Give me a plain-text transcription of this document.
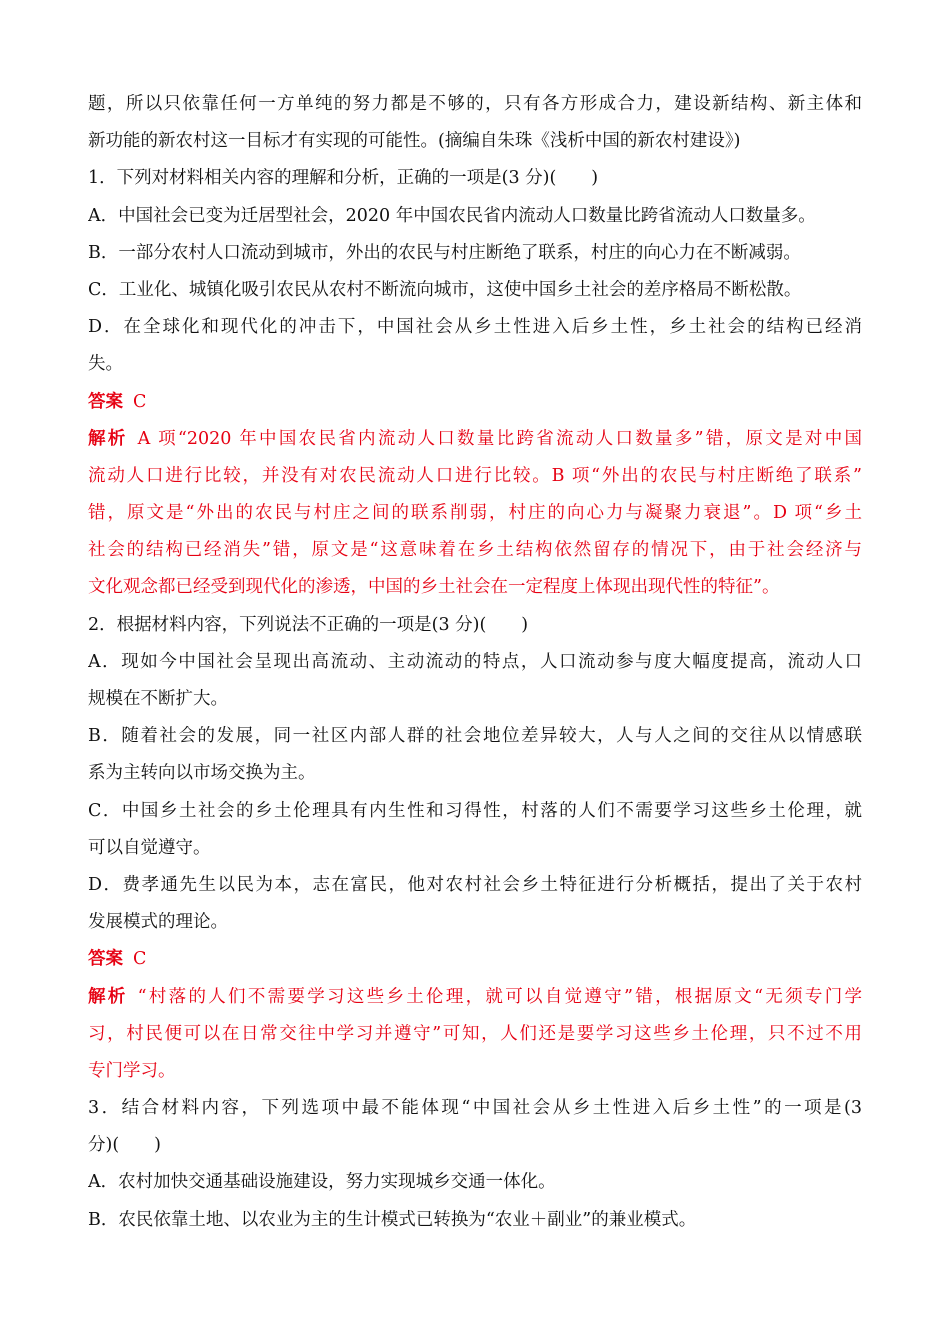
题，所以只依靠任何一方单纯的努力都是不够的，只有各方形成合力，建设新结构、新主体和
新功能的新农村这一目标才有实现的可能性。(摘编自朱珠《浅析中国的新农村建设》)
1．下列对材料相关内容的理解和分析，正确的一项是(3 分)(　　)
A．中国社会已变为迁居型社会，2020 年中国农民省内流动人口数量比跨省流动人口数量多。
B．一部分农村人口流动到城市，外出的农民与村庄断绝了联系，村庄的向心力在不断减弱。
C．工业化、城镇化吸引农民从农村不断流向城市，这使中国乡土社会的差序格局不断松散。
D．在全球化和现代化的冲击下，中国社会从乡土性进入后乡土性，乡土社会的结构已经消
失。
答案 C
解析 A 项“2020 年中国农民省内流动人口数量比跨省流动人口数量多”错，原文是对中国
流动人口进行比较，并没有对农民流动人口进行比较。B 项“外出的农民与村庄断绝了联系”
错，原文是“外出的农民与村庄之间的联系削弱，村庄的向心力与凝聚力衰退”。D 项“乡土
社会的结构已经消失”错，原文是“这意味着在乡土结构依然留存的情况下，由于社会经济与
文化观念都已经受到现代化的渗透，中国的乡土社会在一定程度上体现出现代性的特征”。
2．根据材料内容，下列说法不正确的一项是(3 分)(　　)
A．现如今中国社会呈现出高流动、主动流动的特点，人口流动参与度大幅度提高，流动人口
规模在不断扩大。
B．随着社会的发展，同一社区内部人群的社会地位差异较大，人与人之间的交往从以情感联
系为主转向以市场交换为主。
C．中国乡土社会的乡土伦理具有内生性和习得性，村落的人们不需要学习这些乡土伦理，就
可以自觉遵守。
D．费孝通先生以民为本，志在富民，他对农村社会乡土特征进行分析概括，提出了关于农村
发展模式的理论。
答案 C
解析 “村落的人们不需要学习这些乡土伦理，就可以自觉遵守”错，根据原文“无须专门学
习，村民便可以在日常交往中学习并遵守”可知，人们还是要学习这些乡土伦理，只不过不用
专门学习。
3．结合材料内容，下列选项中最不能体现“中国社会从乡土性进入后乡土性”的一项是(3
分)(　　)
A．农村加快交通基础设施建设，努力实现城乡交通一体化。
B．农民依靠土地、以农业为主的生计模式已转换为“农业＋副业”的兼业模式。
